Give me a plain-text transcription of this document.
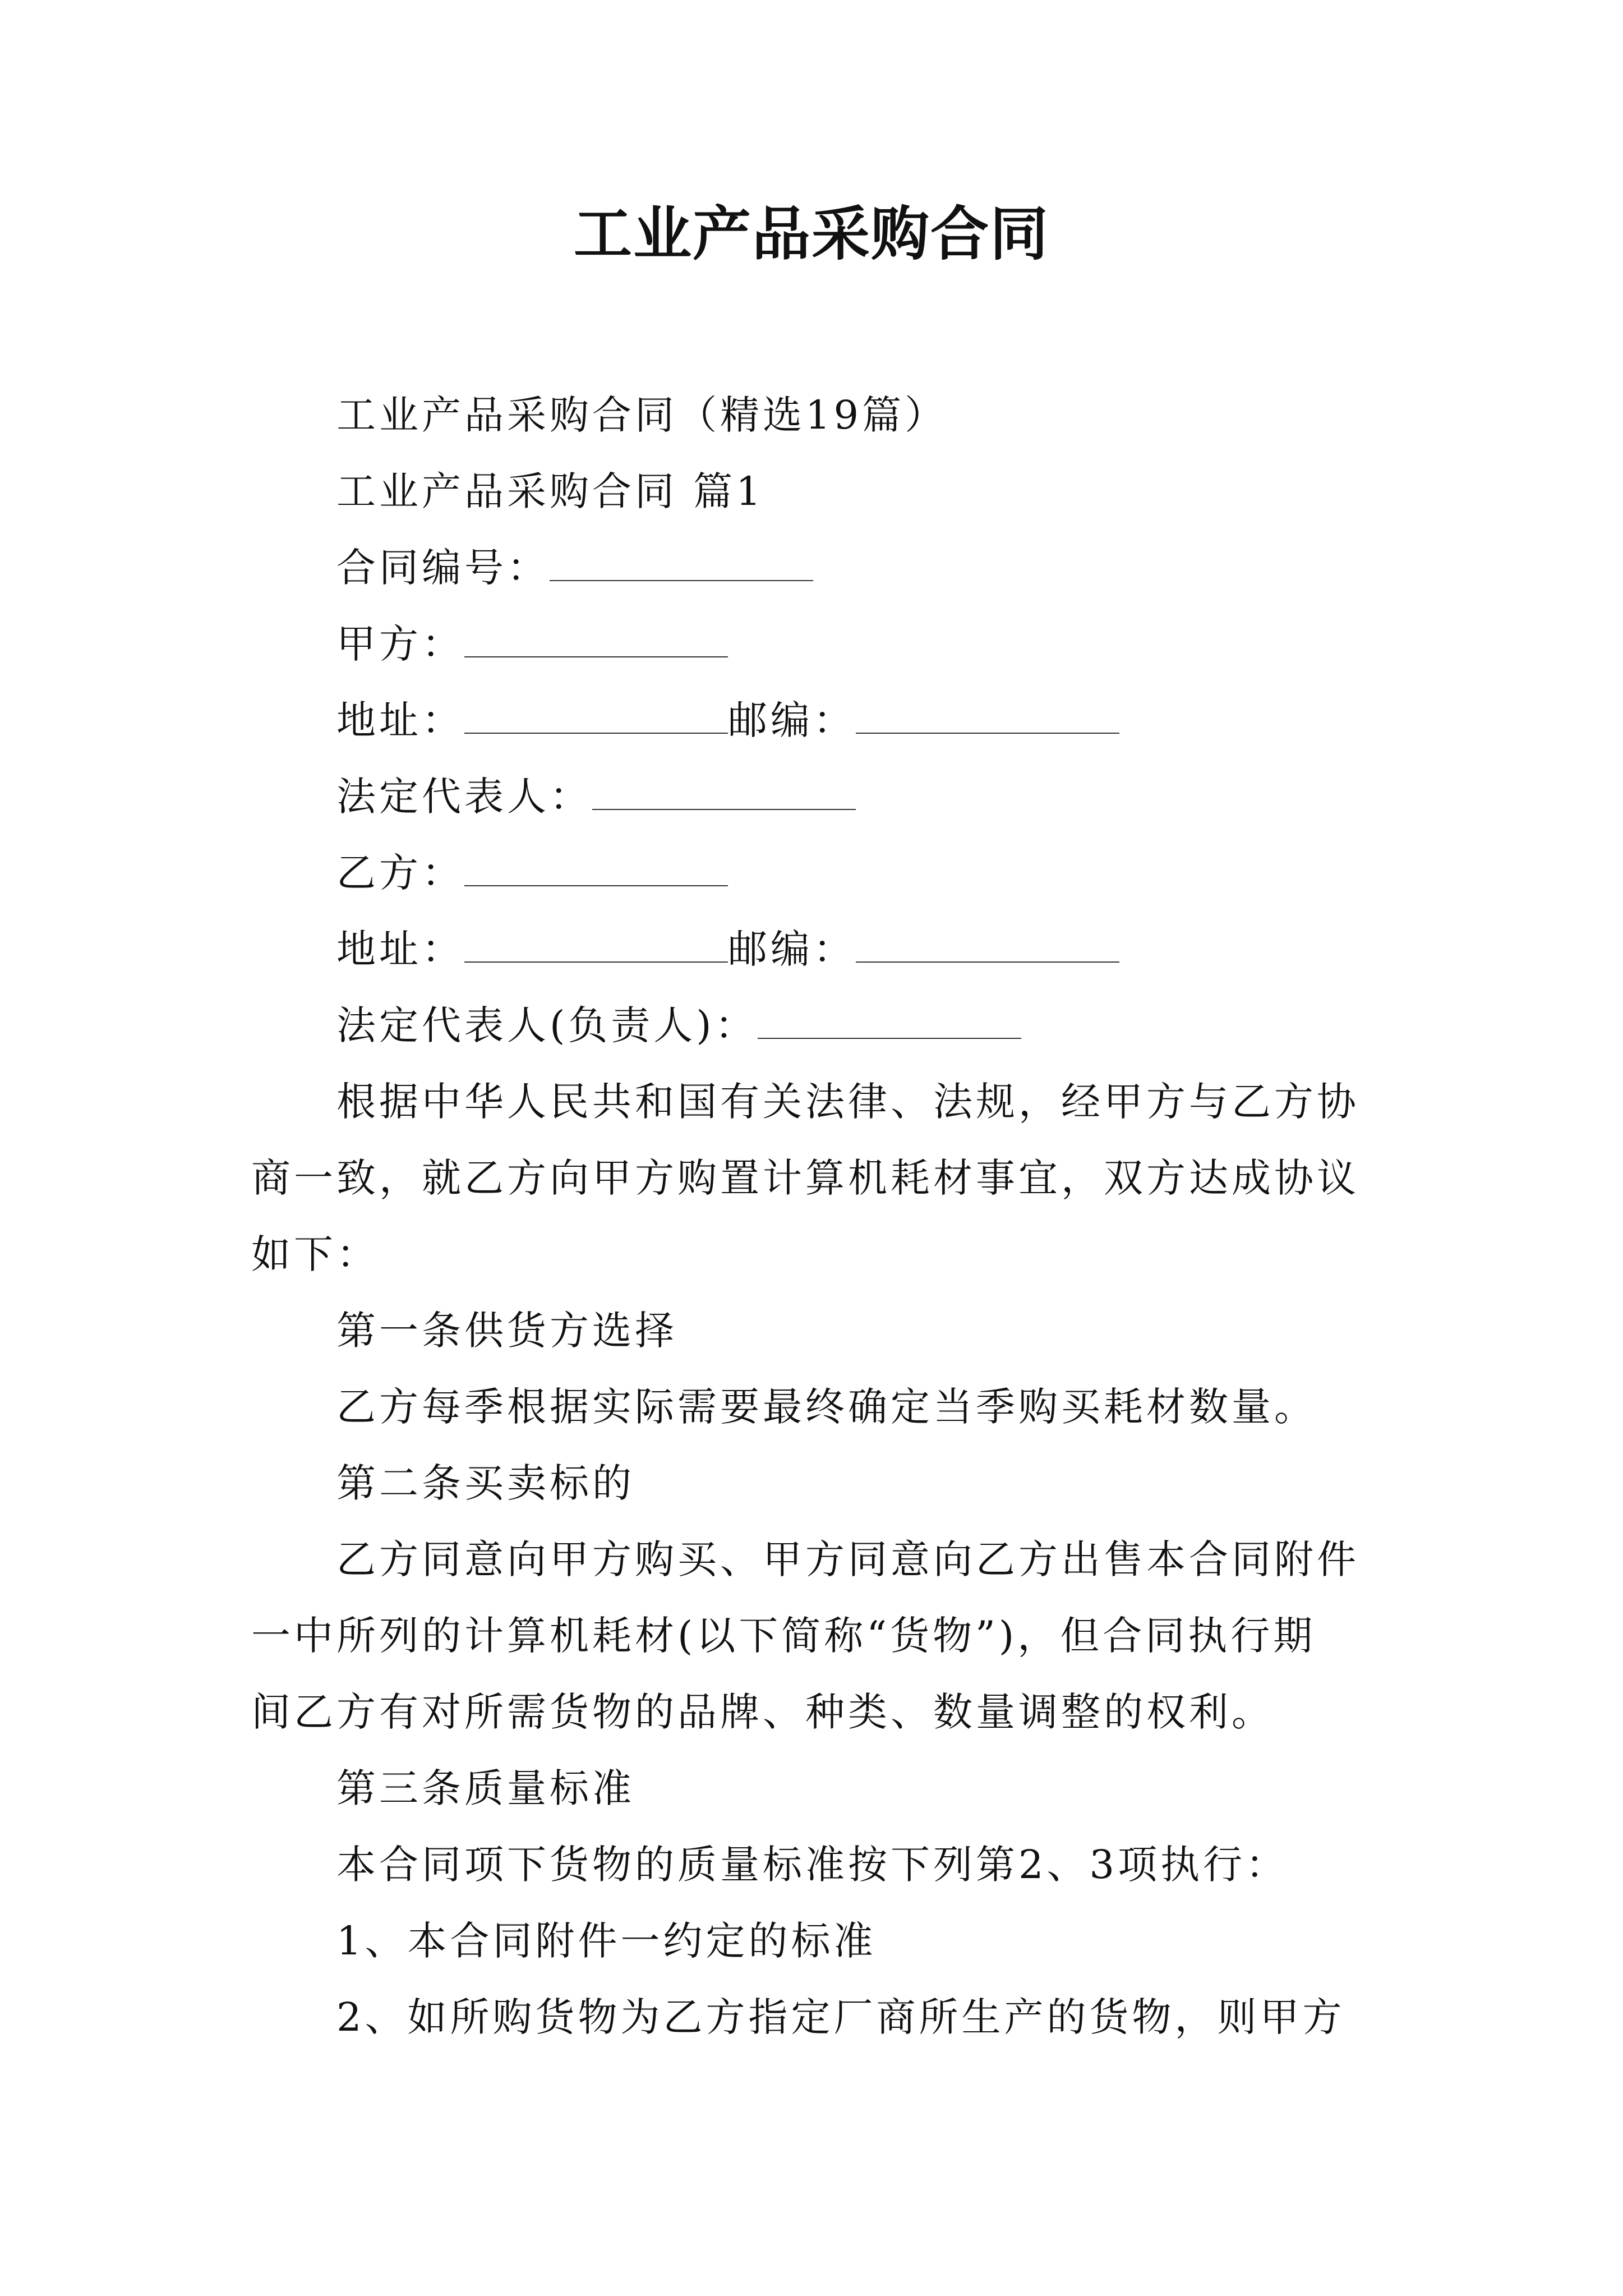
工业产品采购合同
工业产品采购合同（精选19篇）
工业产品采购合同 篇1
合同编号：
甲方：
地址：	邮编：
法定代表人：
乙方：
地址：	邮编：
法定代表人(负责人)：
根据中华人民共和国有关法律、法规，经甲方与乙方协
商一致，就乙方向甲方购置计算机耗材事宜，双方达成协议
如下：
第一条供货方选择
乙方每季根据实际需要最终确定当季购买耗材数量。
第二条买卖标的
乙方同意向甲方购买、甲方同意向乙方出售本合同附件
一中所列的计算机耗材(以下简称“货物”)，但合同执行期
间乙方有对所需货物的品牌、种类、数量调整的权利。
第三条质量标准
本合同项下货物的质量标准按下列第2、3项执行：
1、本合同附件一约定的标准
2、如所购货物为乙方指定厂商所生产的货物，则甲方
